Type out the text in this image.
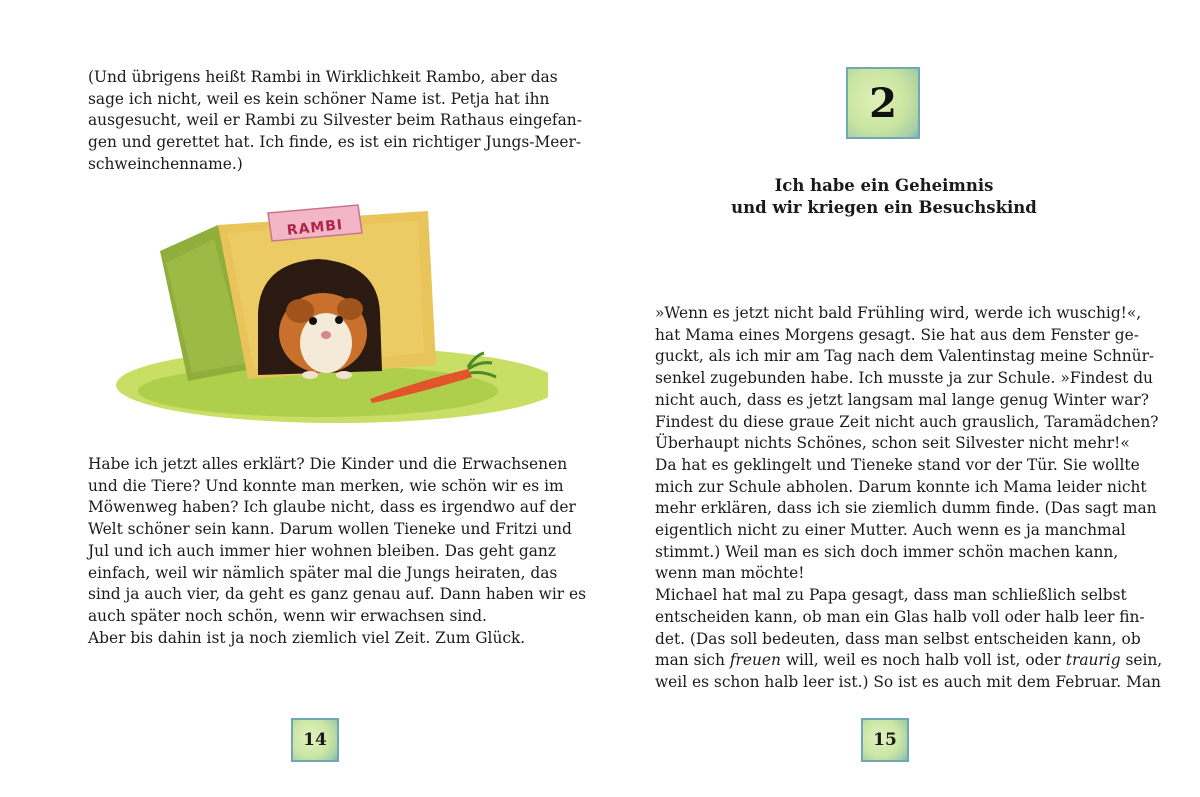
(Und übrigens heißt Rambi in Wirklichkeit Rambo, aber das
sage ich nicht, weil es kein schöner Name ist. Petja hat ihn
ausgesucht, weil er Rambi zu Silvester beim Rathaus eingefan-
gen und gerettet hat. Ich finde, es ist ein richtiger Jungs-Meer-
schweinchenname.)

RAMBI

Habe ich jetzt alles erklärt? Die Kinder und die Erwachsenen
und die Tiere? Und konnte man merken, wie schön wir es im
Möwenweg haben? Ich glaube nicht, dass es irgendwo auf der
Welt schöner sein kann. Darum wollen Tieneke und Fritzi und
Jul und ich auch immer hier wohnen bleiben. Das geht ganz
einfach, weil wir nämlich später mal die Jungs heiraten, das
sind ja auch vier, da geht es ganz genau auf. Dann haben wir es
auch später noch schön, wenn wir erwachsen sind.
Aber bis dahin ist ja noch ziemlich viel Zeit. Zum Glück.

14
2
Ich habe ein Geheimnis
und wir kriegen ein Besuchskind

»Wenn es jetzt nicht bald Frühling wird, werde ich wuschig!«,
hat Mama eines Morgens gesagt. Sie hat aus dem Fenster ge-
guckt, als ich mir am Tag nach dem Valentinstag meine Schnür-
senkel zugebunden habe. Ich musste ja zur Schule. »Findest du
nicht auch, dass es jetzt langsam mal lange genug Winter war?
Findest du diese graue Zeit nicht auch grauslich, Taramädchen?
Überhaupt nichts Schönes, schon seit Silvester nicht mehr!«
Da hat es geklingelt und Tieneke stand vor der Tür. Sie wollte
mich zur Schule abholen. Darum konnte ich Mama leider nicht
mehr erklären, dass ich sie ziemlich dumm finde. (Das sagt man
eigentlich nicht zu einer Mutter. Auch wenn es ja manchmal
stimmt.) Weil man es sich doch immer schön machen kann,
wenn man möchte!
Michael hat mal zu Papa gesagt, dass man schließlich selbst
entscheiden kann, ob man ein Glas halb voll oder halb leer fin-
det. (Das soll bedeuten, dass man selbst entscheiden kann, ob
man sich freuen will, weil es noch halb voll ist, oder traurig sein,
weil es schon halb leer ist.) So ist es auch mit dem Februar. Man

15
